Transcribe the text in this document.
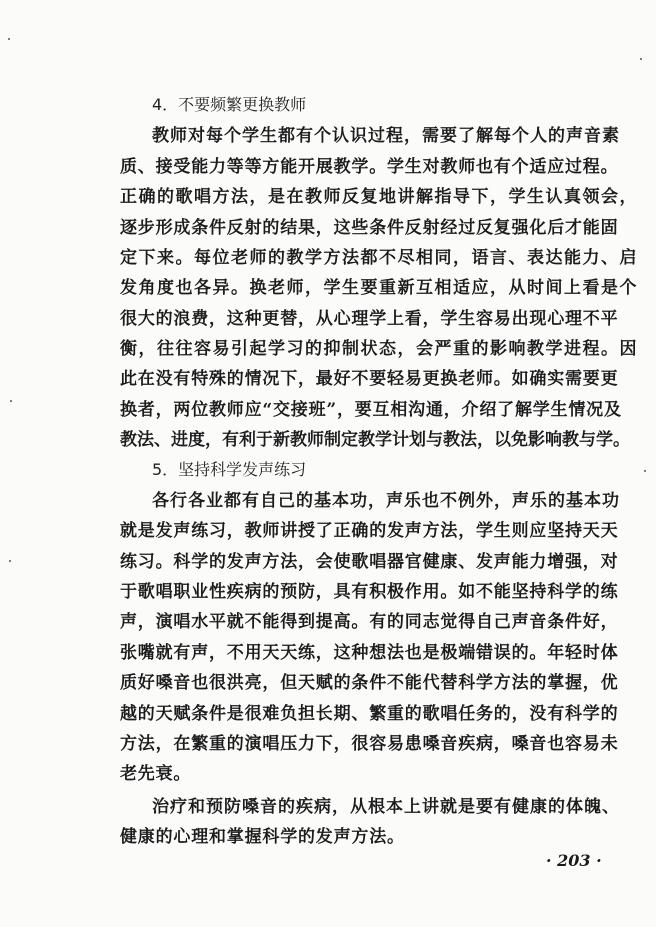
4．不要频繁更换教师
教师对每个学生都有个认识过程，需要了解每个人的声音素
质、接受能力等等方能开展教学。学生对教师也有个适应过程。
正确的歌唱方法，是在教师反复地讲解指导下，学生认真领会，
逐步形成条件反射的结果，这些条件反射经过反复强化后才能固
定下来。每位老师的教学方法都不尽相同，语言、表达能力、启
发角度也各异。换老师，学生要重新互相适应，从时间上看是个
很大的浪费，这种更替，从心理学上看，学生容易出现心理不平
衡，往往容易引起学习的抑制状态，会严重的影响教学进程。因
此在没有特殊的情况下，最好不要轻易更换老师。如确实需要更
换者，两位教师应“交接班”，要互相沟通，介绍了解学生情况及
教法、进度，有利于新教师制定教学计划与教法，以免影响教与学。
5．坚持科学发声练习
各行各业都有自己的基本功，声乐也不例外，声乐的基本功
就是发声练习，教师讲授了正确的发声方法，学生则应坚持天天
练习。科学的发声方法，会使歌唱器官健康、发声能力增强，对
于歌唱职业性疾病的预防，具有积极作用。如不能坚持科学的练
声，演唱水平就不能得到提高。有的同志觉得自己声音条件好，
张嘴就有声，不用天天练，这种想法也是极端错误的。年轻时体
质好嗓音也很洪亮，但天赋的条件不能代替科学方法的掌握，优
越的天赋条件是很难负担长期、繁重的歌唱任务的，没有科学的
方法，在繁重的演唱压力下，很容易患嗓音疾病，嗓音也容易未
老先衰。
治疗和预防嗓音的疾病，从根本上讲就是要有健康的体魄、
健康的心理和掌握科学的发声方法。
· 203 ·
